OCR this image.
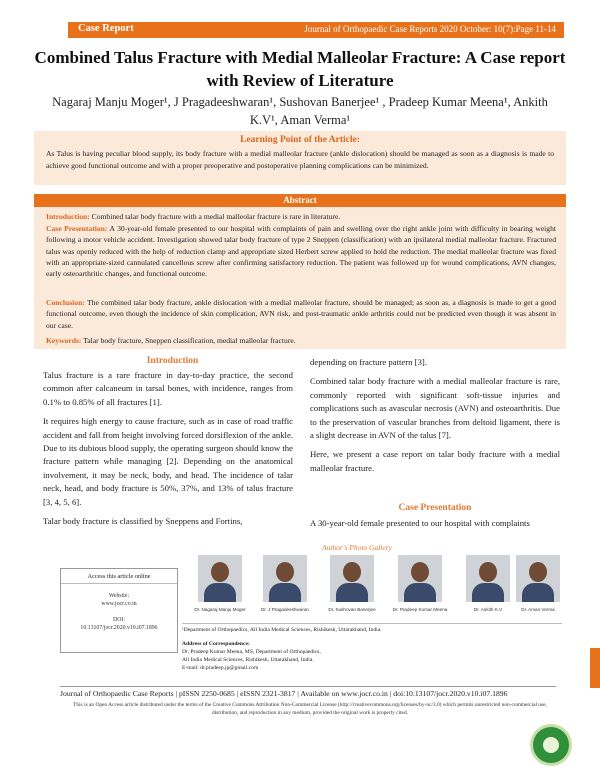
Case Report	Journal of Orthopaedic Case Reports 2020 October: 10(7):Page 11-14
Combined Talus Fracture with Medial Malleolar Fracture: A Case report
with Review of Literature
Nagaraj Manju Moger¹, J Pragadeeshwaran¹, Sushovan Banerjee¹ , Pradeep Kumar Meena¹, Ankith
K.V¹, Aman Verma¹
Learning Point of the Article:
As Talus is having peculiar blood supply, its body fracture with a medial malleolar fracture (ankle dislocation) should be managed as soon as a diagnosis is made to achieve good functional outcome and with a proper preoperative and postoperative planning complications can be minimized.
Abstract

Introduction: Combined talar body fracture with a medial malleolar fracture is rare in literature.

Case Presentation: A 30-year-old female presented to our hospital with complaints of pain and swelling over the right ankle joint with difficulty in bearing weight following a motor vehicle accident. Investigation showed talar body fracture of type 2 Sneppen (classification) with an ipsilateral medial malleolar fracture. Fractured talus was openly reduced with the help of reduction clamp and appropriate sized Herbert screw applied to hold the reduction. The medial malleolar fracture was fixed with an appropriate-sized cannulated cancellous screw after confirming satisfactory reduction. The patient was followed up for wound complications, AVN changes, early osteoarthritic changes, and functional outcome.

Conclusion: The combined talar body fracture, ankle dislocation with a medial malleolar fracture, should be managed; as soon as, a diagnosis is made to get a good functional outcome, even though the incidence of skin complication, AVN risk, and post-traumatic ankle arthritis could not be predicted even though it was absent in our case.

Keywords: Talar body fracture, Sneppen classification, medial malleolar fracture.

Introduction

Talus fracture is a rare fracture in day-to-day practice, the second common after calcaneum in tarsal bones, with incidence, ranges from 0.1% to 0.85% of all fractures [1].

It requires high energy to cause fracture, such as in case of road traffic accident and fall from height involving forced dorsiflexion of the ankle. Due to its dubious blood supply, the operating surgeon should know the fracture pattern while managing [2]. Depending on the anatomical involvement, it may be neck, body, and head. The incidence of talar neck, head, and body fracture is 50%, 37%, and 13% of talus fracture [3, 4, 5, 6].

Talar body fracture is classified by Sneppens and Fortins,

depending on fracture pattern [3].

Combined talar body fracture with a medial malleolar fracture is rare, commonly reported with significant soft-tissue injuries and complications such as avascular necrosis (AVN) and osteoarthritis. Due to the preservation of vascular branches from deltoid ligament, there is a slight decrease in AVN of the talus [7].

Here, we present a case report on talar body fracture with a medial malleolar fracture.

Case Presentation
A 30-year-old female presented to our hospital with complaints
Author's Photo Gallery
Access this article online
Website:
www.jocr.co.in
DOI:
10.13107/jocr.2020.v10.i07.1896
Dr. Nagaraj Manju Moger	Dr. J Pragadeeshwaran	Dr. Sushovan Banerjee	Dr. Pradeep Kumar Meena	Dr. Ankith K.V	Dr. Aman Verma
¹Department of Orthopaedics, All India Medical Sciences, Rishikesh, Uttarakhand, India.
Address of Correspondence:
Dr. Pradeep Kumar Meena, MS, Department of Orthopaedics,
All India Medical Sciences, Rishikesh, Uttarakhand, India.
E-mail: dr.pradeep.jp@gmail.com
Journal of Orthopaedic Case Reports | pISSN 2250-0685 | eISSN 2321-3817 | Available on www.jocr.co.in | doi:10.13107/jocr.2020.v10.i07.1896
This is an Open Access article distributed under the terms of the Creative Commons Attribution Non-Commercial License (http://creativecommons.org/licenses/by-nc/3.0) which permits unrestricted non-commercial use, distribution, and reproduction in any medium, provided the original work is properly cited.
